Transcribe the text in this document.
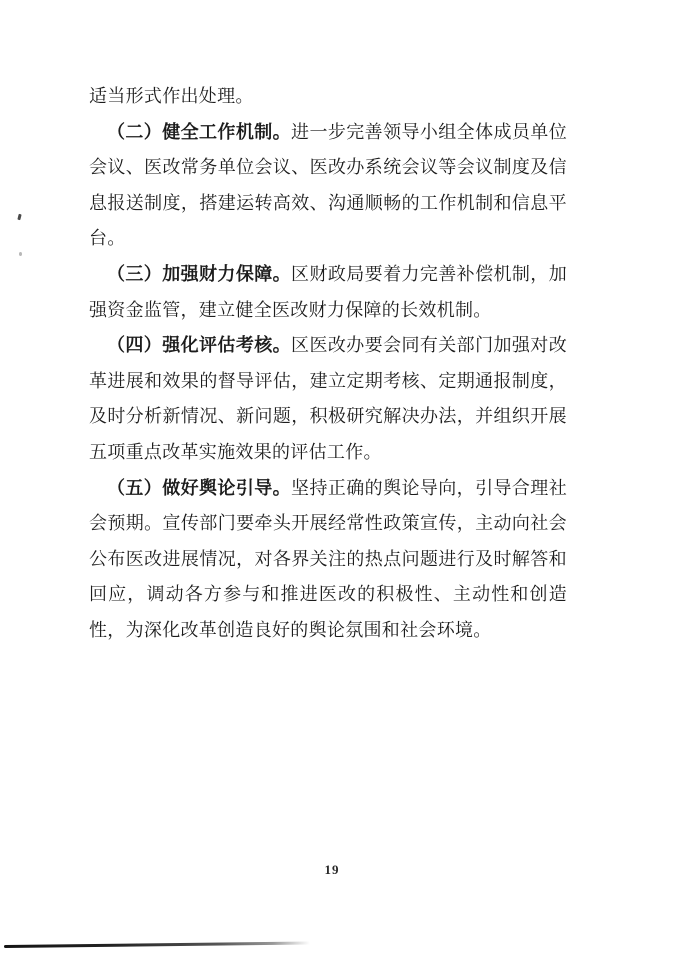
适当形式作出处理。

（二）健全工作机制。进一步完善领导小组全体成员单位会议、医改常务单位会议、医改办系统会议等会议制度及信息报送制度，搭建运转高效、沟通顺畅的工作机制和信息平台。

（三）加强财力保障。区财政局要着力完善补偿机制，加强资金监管，建立健全医改财力保障的长效机制。

（四）强化评估考核。区医改办要会同有关部门加强对改革进展和效果的督导评估，建立定期考核、定期通报制度，及时分析新情况、新问题，积极研究解决办法，并组织开展五项重点改革实施效果的评估工作。

（五）做好舆论引导。坚持正确的舆论导向，引导合理社会预期。宣传部门要牵头开展经常性政策宣传，主动向社会公布医改进展情况，对各界关注的热点问题进行及时解答和回应，调动各方参与和推进医改的积极性、主动性和创造性，为深化改革创造良好的舆论氛围和社会环境。

19
